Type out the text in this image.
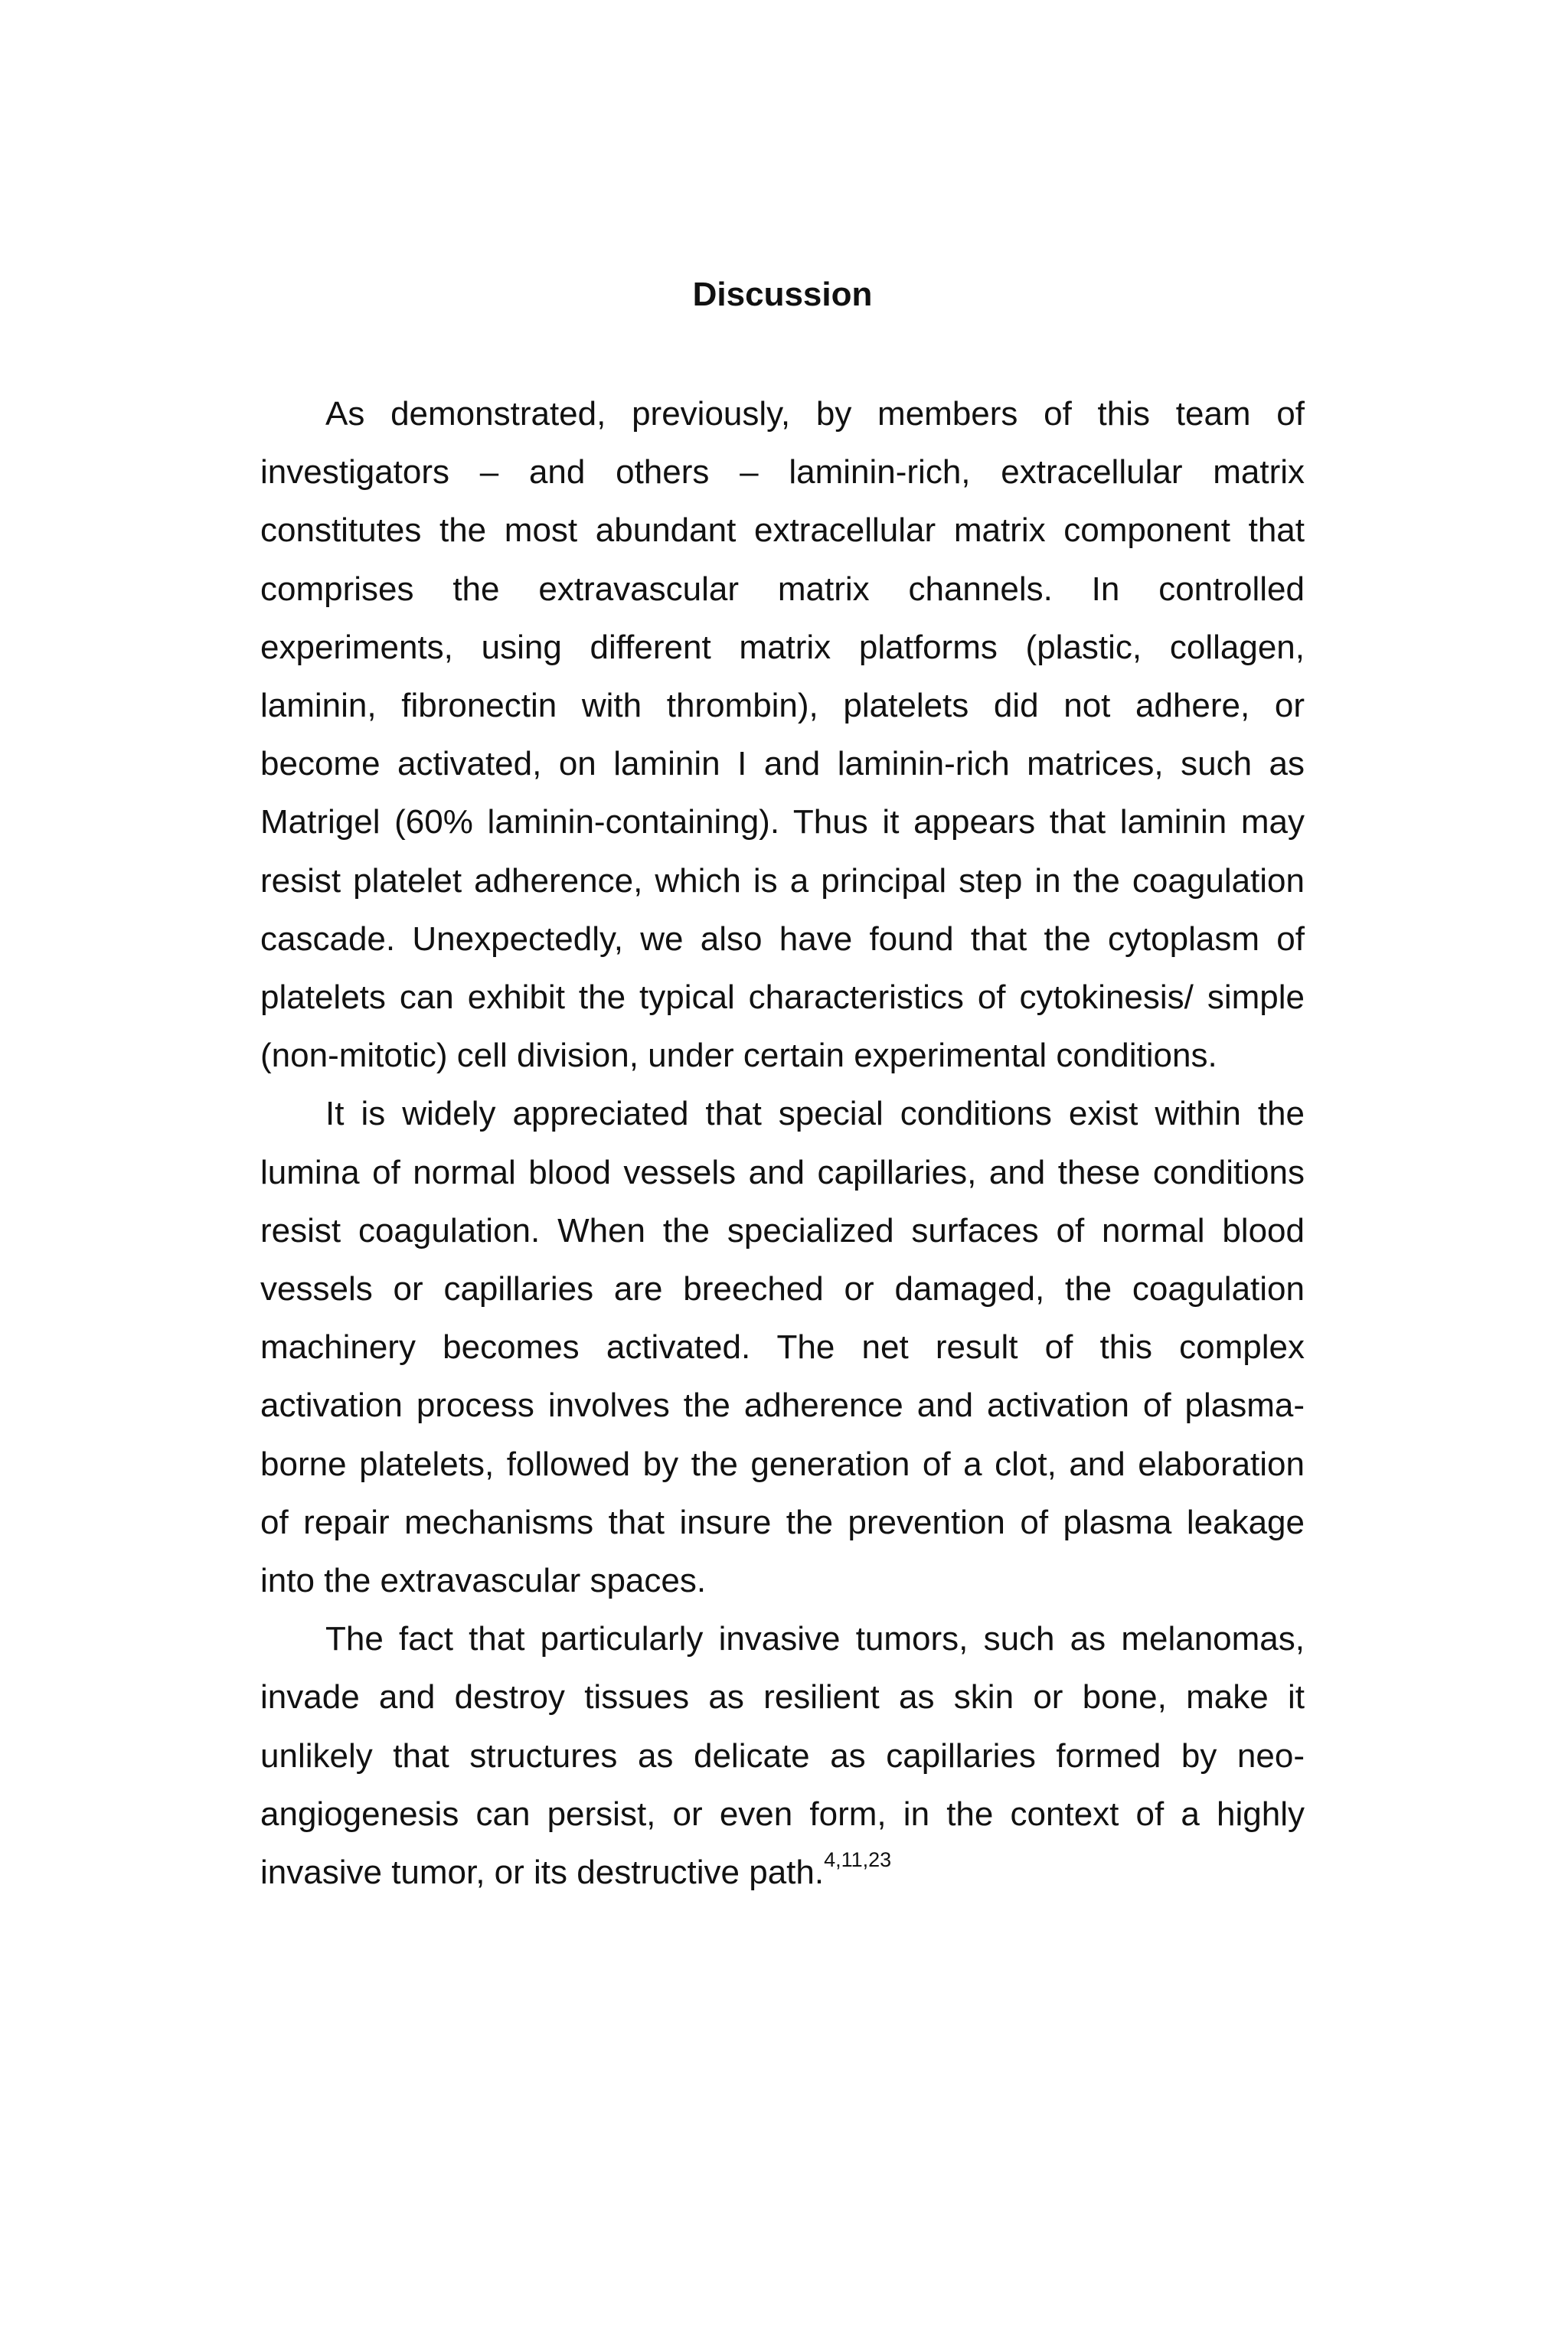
Discussion

As demonstrated, previously, by members of this team of investigators – and others – laminin-rich, extracellular matrix constitutes the most abundant extracellular matrix component that comprises the extravascular matrix channels. In controlled experiments, using different matrix platforms (plastic, collagen, laminin, fibronectin with thrombin), platelets did not adhere, or become activated, on laminin I and laminin-rich matrices, such as Matrigel (60% laminin-containing). Thus it appears that laminin may resist platelet adherence, which is a principal step in the coagulation cascade. Unexpectedly, we also have found that the cytoplasm of platelets can exhibit the typical characteristics of cytokinesis/ simple (non-mitotic) cell division, under certain experimental conditions.

It is widely appreciated that special conditions exist within the lumina of normal blood vessels and capillaries, and these conditions resist coagulation. When the specialized surfaces of normal blood vessels or capillaries are breeched or damaged, the coagulation machinery becomes activated. The net result of this complex activation process involves the adherence and activation of plasma-borne platelets, followed by the generation of a clot, and elaboration of repair mechanisms that insure the prevention of plasma leakage into the extravascular spaces.

The fact that particularly invasive tumors, such as melanomas, invade and destroy tissues as resilient as skin or bone, make it unlikely that structures as delicate as capillaries formed by neo-angiogenesis can persist, or even form, in the context of a highly invasive tumor, or its destructive path.$^{4,11,23}$
